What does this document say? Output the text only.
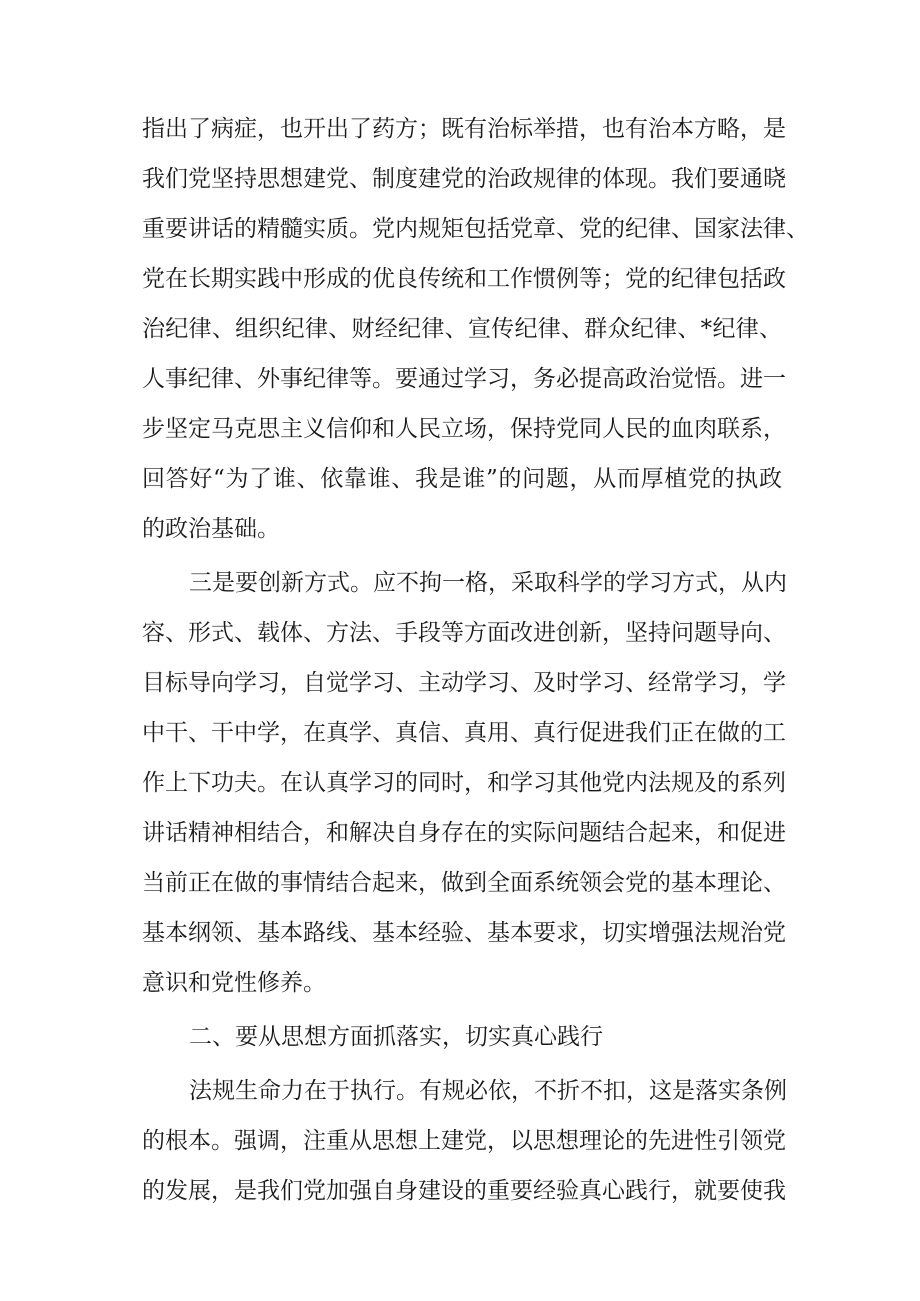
指出了病症，也开出了药方；既有治标举措，也有治本方略，是
我们党坚持思想建党、制度建党的治政规律的体现。我们要通晓
重要讲话的精髓实质。党内规矩包括党章、党的纪律、国家法律、
党在长期实践中形成的优良传统和工作惯例等；党的纪律包括政
治纪律、组织纪律、财经纪律、宣传纪律、群众纪律、*纪律、
人事纪律、外事纪律等。要通过学习，务必提高政治觉悟。进一
步坚定马克思主义信仰和人民立场，保持党同人民的血肉联系，
回答好“为了谁、依靠谁、我是谁”的问题，从而厚植党的执政
的政治基础。
三是要创新方式。应不拘一格，采取科学的学习方式，从内
容、形式、载体、方法、手段等方面改进创新，坚持问题导向、
目标导向学习，自觉学习、主动学习、及时学习、经常学习，学
中干、干中学，在真学、真信、真用、真行促进我们正在做的工
作上下功夫。在认真学习的同时，和学习其他党内法规及的系列
讲话精神相结合，和解决自身存在的实际问题结合起来，和促进
当前正在做的事情结合起来，做到全面系统领会党的基本理论、
基本纲领、基本路线、基本经验、基本要求，切实增强法规治党
意识和党性修养。
二、要从思想方面抓落实，切实真心践行
法规生命力在于执行。有规必依，不折不扣，这是落实条例
的根本。强调，注重从思想上建党，以思想理论的先进性引领党
的发展，是我们党加强自身建设的重要经验真心践行，就要使我
